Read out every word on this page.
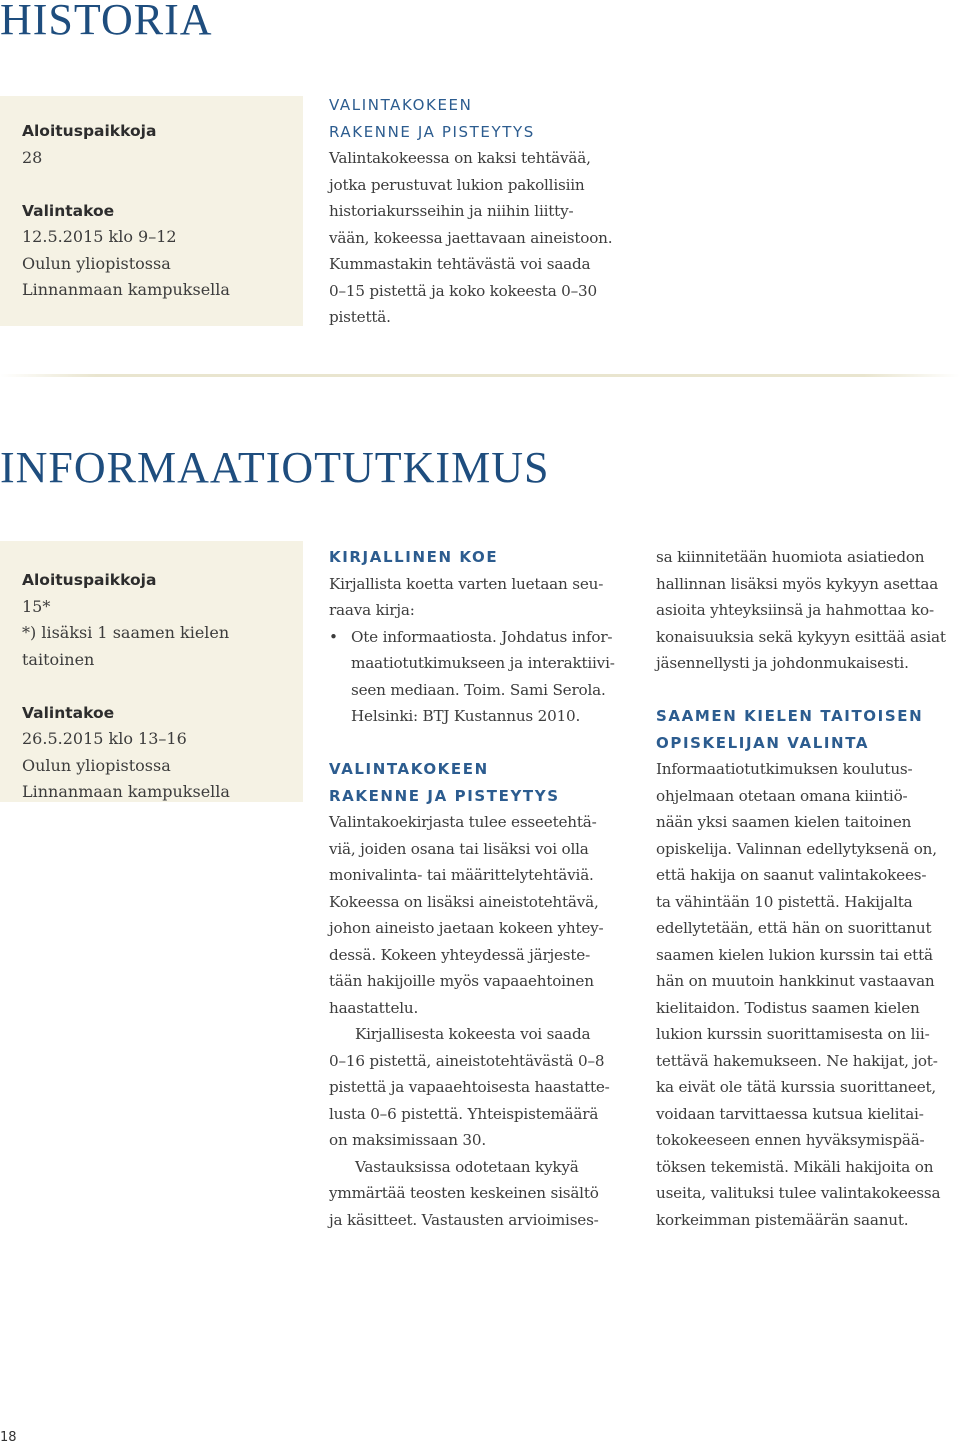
HISTORIA
Aloituspaikkoja
28
Valintakoe
12.5.2015 klo 9–12
Oulun yliopistossa
Linnanmaan kampuksella
VALINTAKOKEEN
RAKENNE JA PISTEYTYS
Valintakokeessa on kaksi tehtävää,
jotka perustuvat lukion pakollisiin
historiakursseihin ja niihin liitty-
vään, kokeessa jaettavaan aineistoon.
Kummastakin tehtävästä voi saada
0–15 pistettä ja koko kokeesta 0–30
pistettä.
INFORMAATIOTUTKIMUS
Aloituspaikkoja
15*
*) lisäksi 1 saamen kielen taitoinen
Valintakoe
26.5.2015 klo 13–16
Oulun yliopistossa
Linnanmaan kampuksella
KIRJALLINEN KOE
Kirjallista koetta varten luetaan seu-
raava kirja:
• Ote informaatiosta. Johdatus infor-
maatiotutkimukseen ja interaktiivi-
seen mediaan. Toim. Sami Serola.
Helsinki: BTJ Kustannus 2010.
VALINTAKOKEEN
RAKENNE JA PISTEYTYS
Valintakoekirjasta tulee esseetehtä-
viä, joiden osana tai lisäksi voi olla
monivalinta- tai määrittelytehtäviä.
Kokeessa on lisäksi aineistotehtävä,
johon aineisto jaetaan kokeen yhtey-
dessä. Kokeen yhteydessä järjeste-
tään hakijoille myös vapaaehtoinen
haastattelu.
Kirjallisesta kokeesta voi saada
0–16 pistettä, aineistotehtävästä 0–8
pistettä ja vapaaehtoisesta haastatte-
lusta 0–6 pistettä. Yhteispistemäärä
on maksimissaan 30.
Vastauksissa odotetaan kykyä
ymmärtää teosten keskeinen sisältö
ja käsitteet. Vastausten arvioimises-
sa kiinnitetään huomiota asiatiedon
hallinnan lisäksi myös kykyyn asettaa
asioita yhteyksiinsä ja hahmottaa ko-
konaisuuksia sekä kykyyn esittää asiat
jäsennellysti ja johdonmukaisesti.
SAAMEN KIELEN TAITOISEN
OPISKELIJAN VALINTA
Informaatiotutkimuksen koulutus-
ohjelmaan otetaan omana kiintiö-
nään yksi saamen kielen taitoinen
opiskelija. Valinnan edellytyksenä on,
että hakija on saanut valintakokees-
ta vähintään 10 pistettä. Hakijalta
edellytetään, että hän on suorittanut
saamen kielen lukion kurssin tai että
hän on muutoin hankkinut vastaavan
kielitaidon. Todistus saamen kielen
lukion kurssin suorittamisesta on lii-
tettävä hakemukseen. Ne hakijat, jot-
ka eivät ole tätä kurssia suorittaneet,
voidaan tarvittaessa kutsua kielitai-
tokokeeseen ennen hyväksymispää-
töksen tekemistä. Mikäli hakijoita on
useita, valituksi tulee valintakokeessa
korkeimman pistemäärän saanut.
18
